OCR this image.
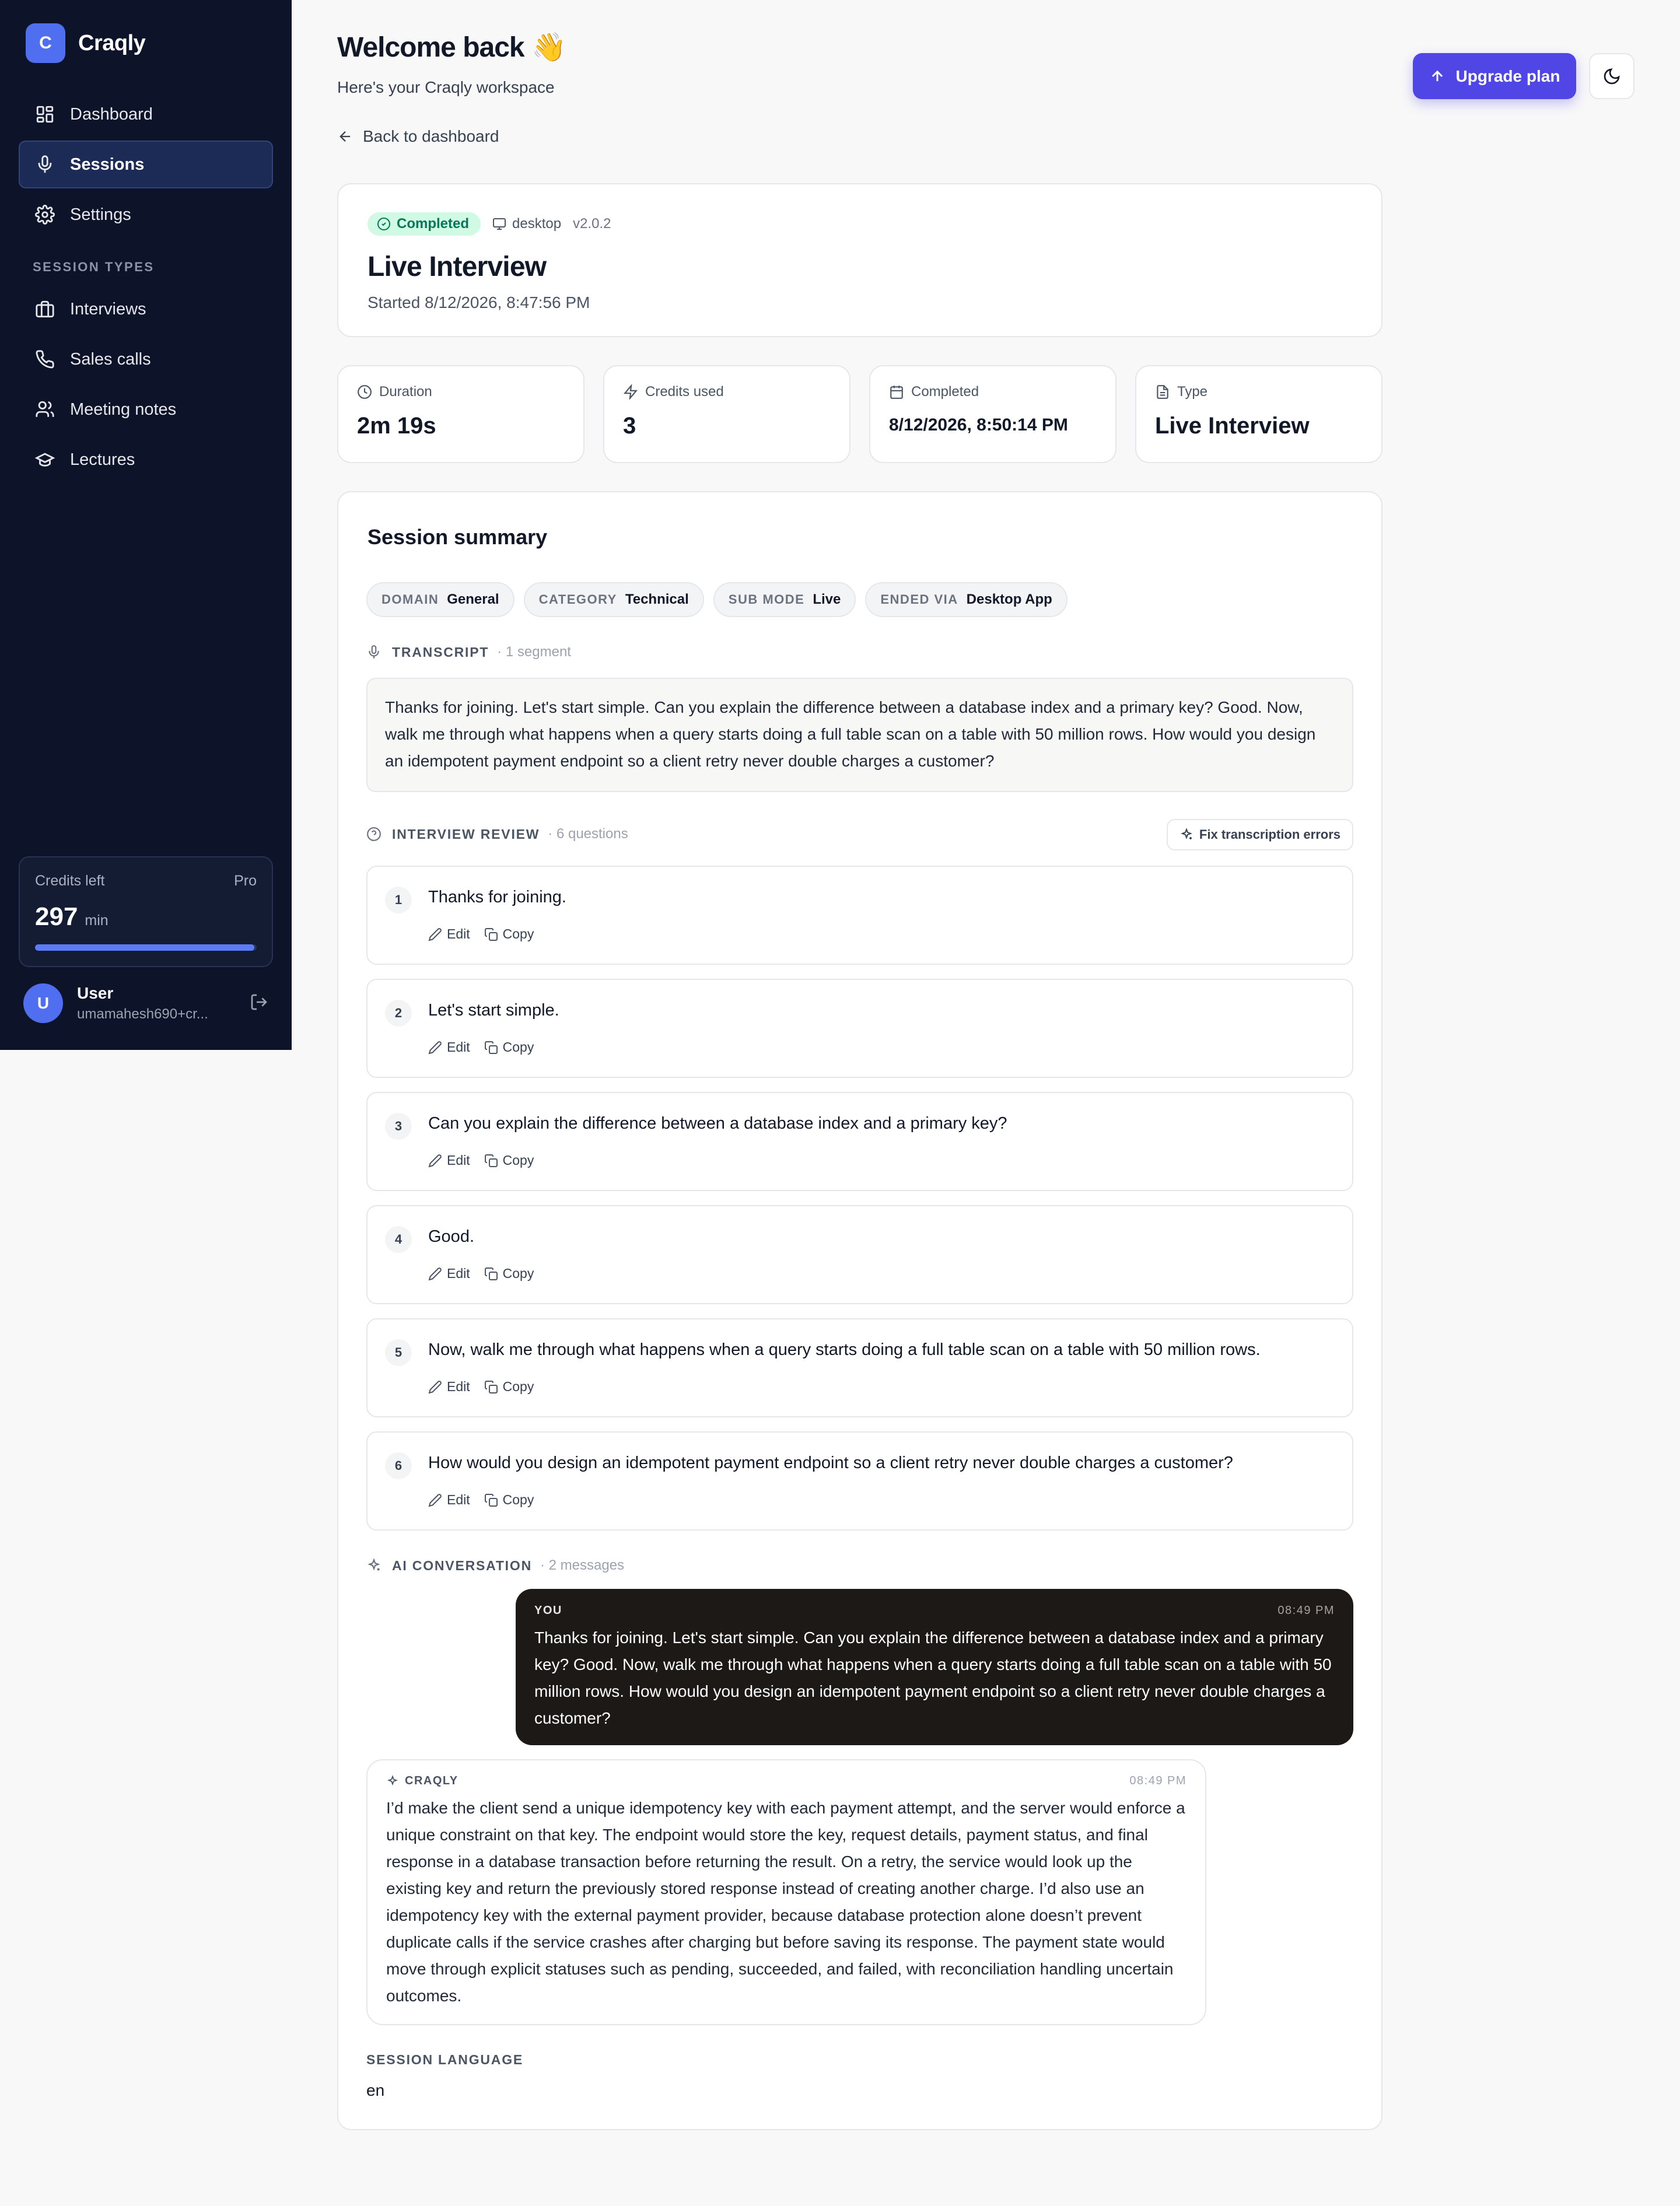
C	Craqly
Dashboard
Sessions
Settings
SESSION TYPES
Interviews
Sales calls
Meeting notes
Lectures
Credits left	Pro
297 min
U
User
umamahesh690+cr...
Welcome back 👋
Here's your Craqly workspace
Upgrade plan
Back to dashboard
Completed	desktop v2.0.2
Live Interview
Started 8/12/2026, 8:47:56 PM
Duration
2m 19s
Credits used
3
Completed
8/12/2026, 8:50:14 PM
Type
Live Interview
Session summary
DOMAIN General	CATEGORY Technical	SUB MODE Live	ENDED VIA Desktop App
TRANSCRIPT · 1 segment
Thanks for joining. Let's start simple. Can you explain the difference between a database index and a primary key? Good. Now, walk me through what happens when a query starts doing a full table scan on a table with 50 million rows. How would you design an idempotent payment endpoint so a client retry never double charges a customer?
INTERVIEW REVIEW · 6 questions	Fix transcription errors
1	Thanks for joining.
Edit Copy
2	Let's start simple.
Edit Copy
3	Can you explain the difference between a database index and a primary key?
Edit Copy
4	Good.
Edit Copy
5	Now, walk me through what happens when a query starts doing a full table scan on a table with 50 million rows.
Edit Copy
6	How would you design an idempotent payment endpoint so a client retry never double charges a customer?
Edit Copy
AI CONVERSATION · 2 messages
YOU	08:49 PM
Thanks for joining. Let's start simple. Can you explain the difference between a database index and a primary key? Good. Now, walk me through what happens when a query starts doing a full table scan on a table with 50 million rows. How would you design an idempotent payment endpoint so a client retry never double charges a customer?
CRAQLY	08:49 PM
I’d make the client send a unique idempotency key with each payment attempt, and the server would enforce a unique constraint on that key. The endpoint would store the key, request details, payment status, and final response in a database transaction before returning the result. On a retry, the service would look up the existing key and return the previously stored response instead of creating another charge. I’d also use an idempotency key with the external payment provider, because database protection alone doesn’t prevent duplicate calls if the service crashes after charging but before saving its response. The payment state would move through explicit statuses such as pending, succeeded, and failed, with reconciliation handling uncertain outcomes.
SESSION LANGUAGE
en
